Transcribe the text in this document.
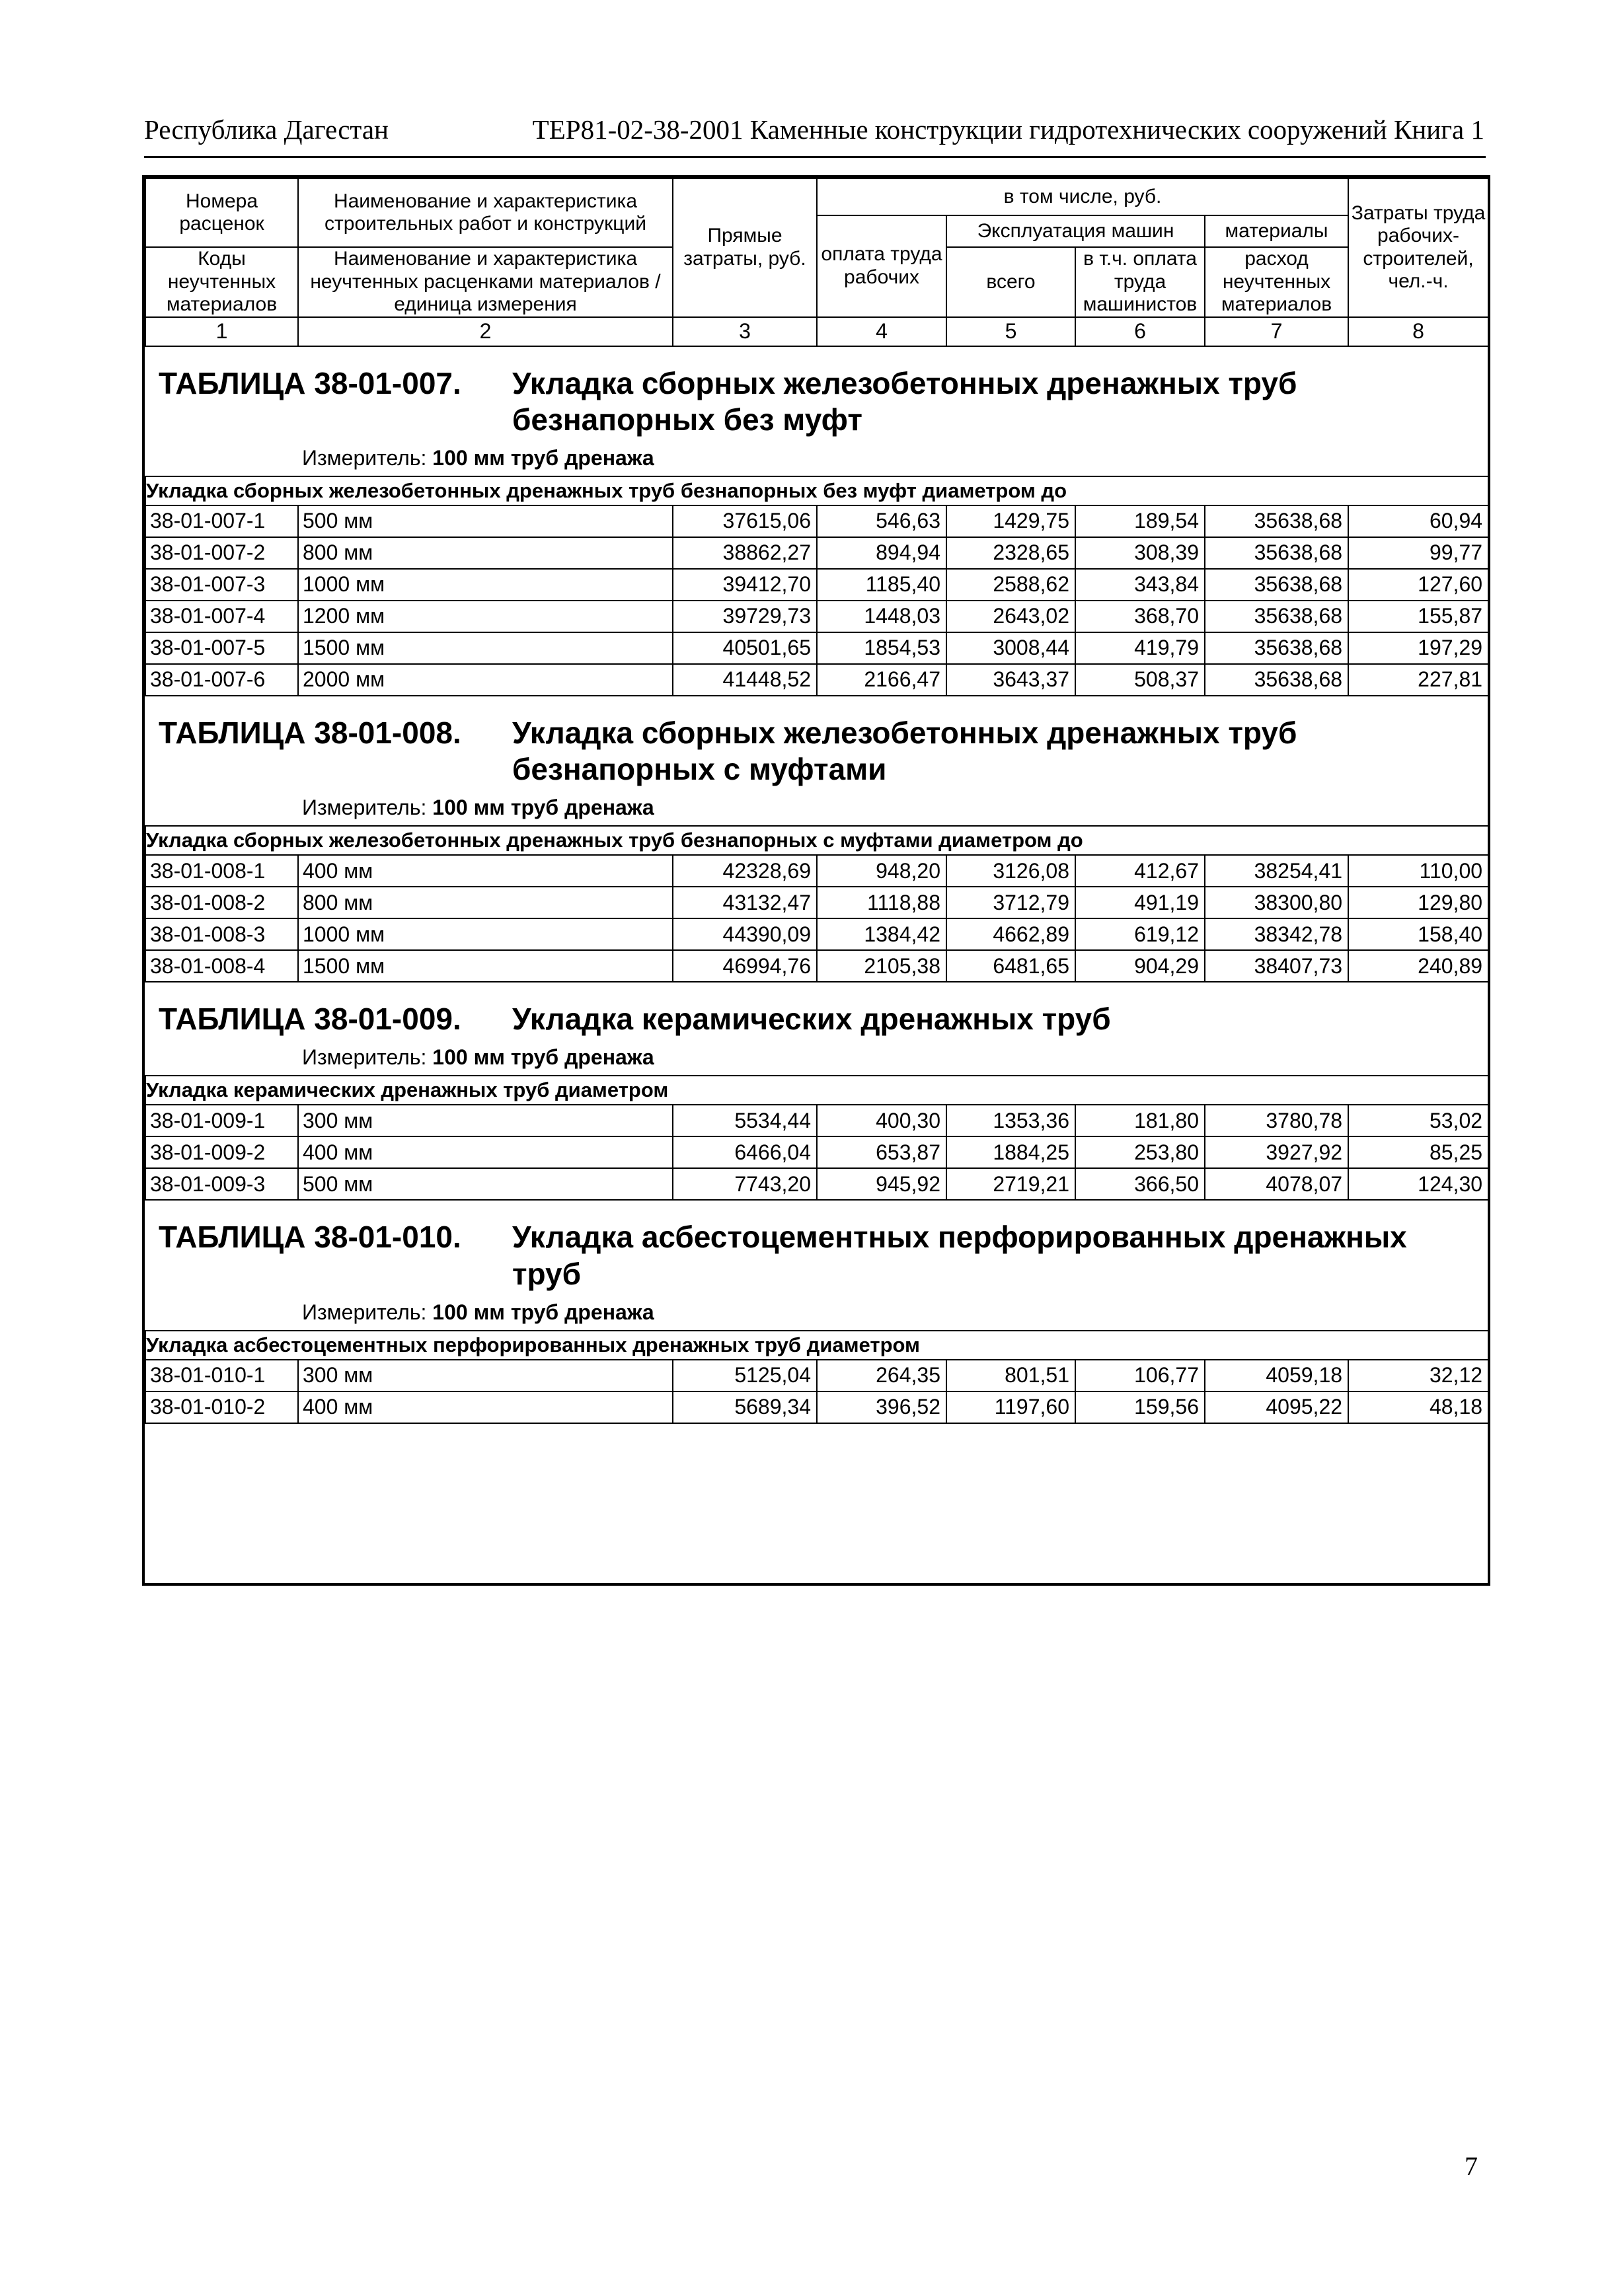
Республика Дагестан	ТЕР81-02-38-2001 Каменные конструкции гидротехнических сооружений Книга 1
Номера расценок	Наименование и характеристика строительных работ и конструкций	Прямые затраты, руб.	в том числе, руб.				Затраты труда рабочих-строителей, чел.-ч.
			оплата труда рабочих	Эксплуатация машин		материалы	
Коды неучтенных материалов	Наименование и характеристика неучтенных расценками материалов / единица измерения			всего	в т.ч. оплата труда машинистов	расход неучтенных материалов	

1	2	3	4	5	6	7	8

ТАБЛИЦА 38-01-007. Укладка сборных железобетонных дренажных труб безнапорных без муфт
Измеритель: 100 мм труб дренажа							

Укладка сборных железобетонных дренажных труб безнапорных без муфт диаметром до							
38-01-007-1	500 мм	37615,06	546,63	1429,75	189,54	35638,68	60,94
38-01-007-2	800 мм	38862,27	894,94	2328,65	308,39	35638,68	99,77
38-01-007-3	1000 мм	39412,70	1185,40	2588,62	343,84	35638,68	127,60
38-01-007-4	1200 мм	39729,73	1448,03	2643,02	368,70	35638,68	155,87
38-01-007-5	1500 мм	40501,65	1854,53	3008,44	419,79	35638,68	197,29
38-01-007-6	2000 мм	41448,52	2166,47	3643,37	508,37	35638,68	227,81

ТАБЛИЦА 38-01-008. Укладка сборных железобетонных дренажных труб безнапорных с муфтами
Измеритель: 100 мм труб дренажа							

Укладка сборных железобетонных дренажных труб безнапорных с муфтами диаметром до							
38-01-008-1	400 мм	42328,69	948,20	3126,08	412,67	38254,41	110,00
38-01-008-2	800 мм	43132,47	1118,88	3712,79	491,19	38300,80	129,80
38-01-008-3	1000 мм	44390,09	1384,42	4662,89	619,12	38342,78	158,40
38-01-008-4	1500 мм	46994,76	2105,38	6481,65	904,29	38407,73	240,89

ТАБЛИЦА 38-01-009. Укладка керамических дренажных труб
Измеритель: 100 мм труб дренажа							

Укладка керамических дренажных труб диаметром							
38-01-009-1	300 мм	5534,44	400,30	1353,36	181,80	3780,78	53,02
38-01-009-2	400 мм	6466,04	653,87	1884,25	253,80	3927,92	85,25
38-01-009-3	500 мм	7743,20	945,92	2719,21	366,50	4078,07	124,30

ТАБЛИЦА 38-01-010. Укладка асбестоцементных перфорированных дренажных труб
Измеритель: 100 мм труб дренажа							

Укладка асбестоцементных перфорированных дренажных труб диаметром							
38-01-010-1	300 мм	5125,04	264,35	801,51	106,77	4059,18	32,12
38-01-010-2	400 мм	5689,34	396,52	1197,60	159,56	4095,22	48,18
7
